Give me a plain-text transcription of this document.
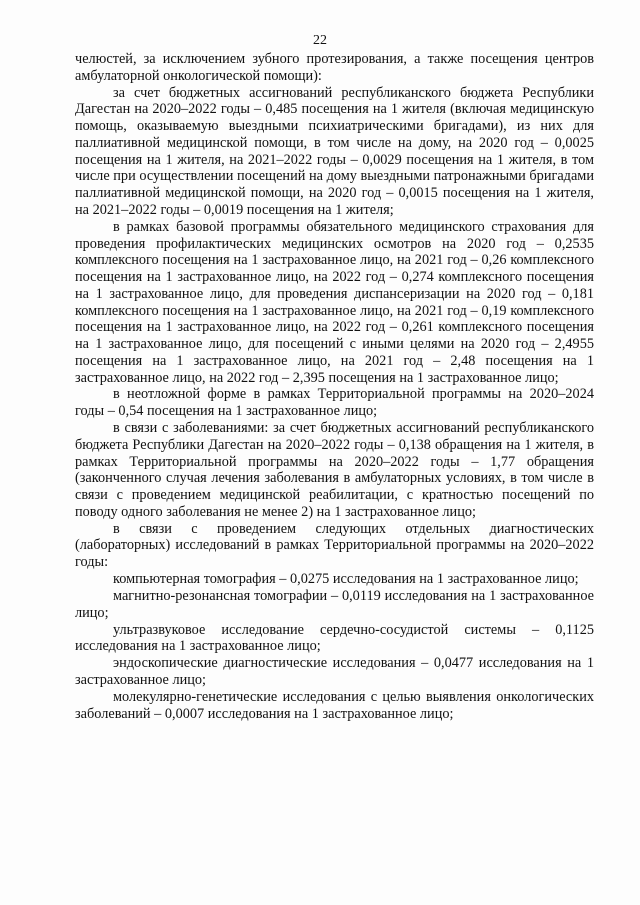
22

челюстей, за исключением зубного протезирования, а также посещения центров амбулаторной онкологической помощи):

за счет бюджетных ассигнований республиканского бюджета Республики Дагестан на 2020–2022 годы – 0,485 посещения на 1 жителя (включая медицинскую помощь, оказываемую выездными психиатрическими бригадами), из них для паллиативной медицинской помощи, в том числе на дому, на 2020 год – 0,0025 посещения на 1 жителя, на 2021–2022 годы – 0,0029 посещения на 1 жителя, в том числе при осуществлении посещений на дому выездными патронажными бригадами паллиативной медицинской помощи, на 2020 год – 0,0015 посещения на 1 жителя, на 2021–2022 годы – 0,0019 посещения на 1 жителя;

в рамках базовой программы обязательного медицинского страхования для проведения профилактических медицинских осмотров на 2020 год – 0,2535 комплексного посещения на 1 застрахованное лицо, на 2021 год – 0,26 комплексного посещения на 1 застрахованное лицо, на 2022 год – 0,274 комплексного посещения на 1 застрахованное лицо, для проведения диспансеризации на 2020 год – 0,181 комплексного посещения на 1 застрахованное лицо, на 2021 год – 0,19 комплексного посещения на 1 застрахованное лицо, на 2022 год – 0,261 комплексного посещения на 1 застрахованное лицо, для посещений с иными целями на 2020 год – 2,4955 посещения на 1 застрахованное лицо, на 2021 год – 2,48 посещения на 1 застрахованное лицо, на 2022 год – 2,395 посещения на 1 застрахованное лицо;

в неотложной форме в рамках Территориальной программы на 2020–2024 годы – 0,54 посещения на 1 застрахованное лицо;

в связи с заболеваниями: за счет бюджетных ассигнований республиканского бюджета Республики Дагестан на 2020–2022 годы – 0,138 обращения на 1 жителя, в рамках Территориальной программы на 2020–2022 годы – 1,77 обращения (законченного случая лечения заболевания в амбулаторных условиях, в том числе в связи с проведением медицинской реабилитации, с кратностью посещений по поводу одного заболевания не менее 2) на 1 застрахованное лицо;

в связи с проведением следующих отдельных диагностических (лабораторных) исследований в рамках Территориальной программы на 2020–2022 годы:

компьютерная томография – 0,0275 исследования на 1 застрахованное лицо;

магнитно-резонансная томографии – 0,0119 исследования на 1 застрахованное лицо;

ультразвуковое исследование сердечно-сосудистой системы – 0,1125 исследования на 1 застрахованное лицо;

эндоскопические диагностические исследования – 0,0477 исследования на 1 застрахованное лицо;

молекулярно-генетические исследования с целью выявления онкологических заболеваний – 0,0007 исследования на 1 застрахованное лицо;
